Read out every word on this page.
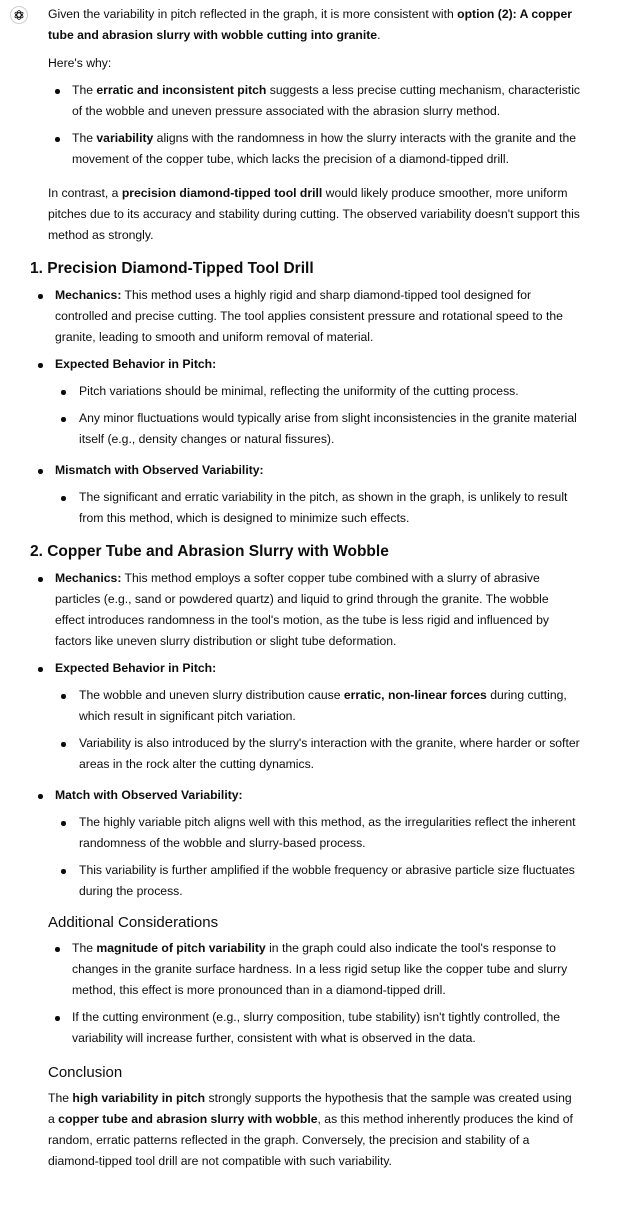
Given the variability in pitch reflected in the graph, it is more consistent with option (2): A copper tube and abrasion slurry with wobble cutting into granite.

Here's why:

The erratic and inconsistent pitch suggests a less precise cutting mechanism, characteristic of the wobble and uneven pressure associated with the abrasion slurry method.
The variability aligns with the randomness in how the slurry interacts with the granite and the movement of the copper tube, which lacks the precision of a diamond-tipped drill.

In contrast, a precision diamond-tipped tool drill would likely produce smoother, more uniform pitches due to its accuracy and stability during cutting. The observed variability doesn't support this method as strongly.

1. Precision Diamond-Tipped Tool Drill
Mechanics: This method uses a highly rigid and sharp diamond-tipped tool designed for controlled and precise cutting. The tool applies consistent pressure and rotational speed to the granite, leading to smooth and uniform removal of material.
Expected Behavior in Pitch:
Pitch variations should be minimal, reflecting the uniformity of the cutting process.
Any minor fluctuations would typically arise from slight inconsistencies in the granite material itself (e.g., density changes or natural fissures).
Mismatch with Observed Variability:
The significant and erratic variability in the pitch, as shown in the graph, is unlikely to result from this method, which is designed to minimize such effects.
2. Copper Tube and Abrasion Slurry with Wobble
Mechanics: This method employs a softer copper tube combined with a slurry of abrasive particles (e.g., sand or powdered quartz) and liquid to grind through the granite. The wobble effect introduces randomness in the tool's motion, as the tube is less rigid and influenced by factors like uneven slurry distribution or slight tube deformation.
Expected Behavior in Pitch:
The wobble and uneven slurry distribution cause erratic, non-linear forces during cutting, which result in significant pitch variation.
Variability is also introduced by the slurry's interaction with the granite, where harder or softer areas in the rock alter the cutting dynamics.
Match with Observed Variability:
The highly variable pitch aligns well with this method, as the irregularities reflect the inherent randomness of the wobble and slurry-based process.
This variability is further amplified if the wobble frequency or abrasive particle size fluctuates during the process.
Additional Considerations
The magnitude of pitch variability in the graph could also indicate the tool's response to changes in the granite surface hardness. In a less rigid setup like the copper tube and slurry method, this effect is more pronounced than in a diamond-tipped drill.
If the cutting environment (e.g., slurry composition, tube stability) isn't tightly controlled, the variability will increase further, consistent with what is observed in the data.
Conclusion

The high variability in pitch strongly supports the hypothesis that the sample was created using a copper tube and abrasion slurry with wobble, as this method inherently produces the kind of random, erratic patterns reflected in the graph. Conversely, the precision and stability of a diamond-tipped tool drill are not compatible with such variability.
